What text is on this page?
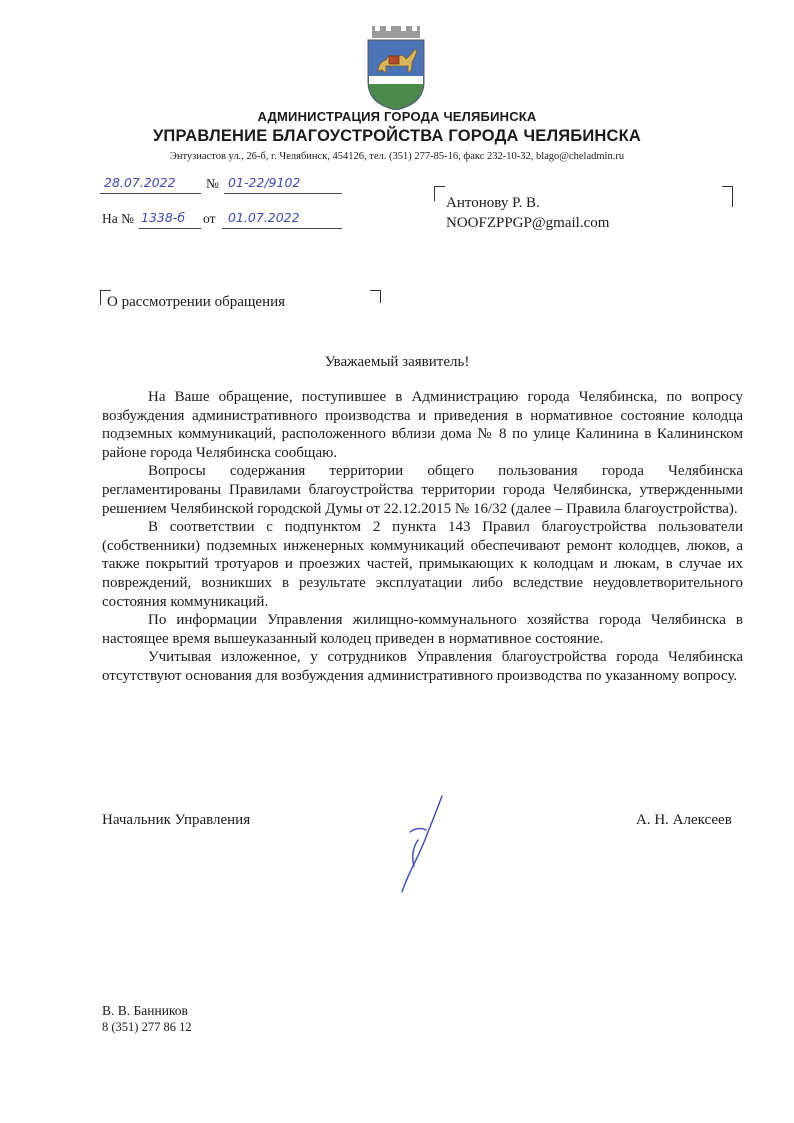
АДМИНИСТРАЦИЯ ГОРОДА ЧЕЛЯБИНСКА
УПРАВЛЕНИЕ БЛАГОУСТРОЙСТВА ГОРОДА ЧЕЛЯБИНСКА
Энтузиастов ул., 26-б, г. Челябинск, 454126, тел. (351) 277-85-16, факс 232-10-32, blago@cheladmin.ru
28.07.2022 № 01-22/9102
На № 1338-б от 01.07.2022
Антонову Р. В.
NOOFZPPGP@gmail.com
О рассмотрении обращения
Уважаемый заявитель!

На Ваше обращение, поступившее в Администрацию города Челябинска, по вопросу возбуждения административного производства и приведения в нормативное состояние колодца подземных коммуникаций, расположенного вблизи дома № 8 по улице Калинина в Калининском районе города Челябинска сообщаю.

Вопросы содержания территории общего пользования города Челябинска регламентированы Правилами благоустройства территории города Челябинска, утвержденными решением Челябинской городской Думы от 22.12.2015 № 16/32 (далее – Правила благоустройства).

В соответствии с подпунктом 2 пункта 143 Правил благоустройства пользователи (собственники) подземных инженерных коммуникаций обеспечивают ремонт колодцев, люков, а также покрытий тротуаров и проезжих частей, примыкающих к колодцам и люкам, в случае их повреждений, возникших в результате эксплуатации либо вследствие неудовлетворительного состояния коммуникаций.

По информации Управления жилищно-коммунального хозяйства города Челябинска в настоящее время вышеуказанный колодец приведен в нормативное состояние.

Учитывая изложенное, у сотрудников Управления благоустройства города Челябинска отсутствуют основания для возбуждения административного производства по указанному вопросу.

Начальник Управления	А. Н. Алексеев
В. В. Банников
8 (351) 277 86 12
